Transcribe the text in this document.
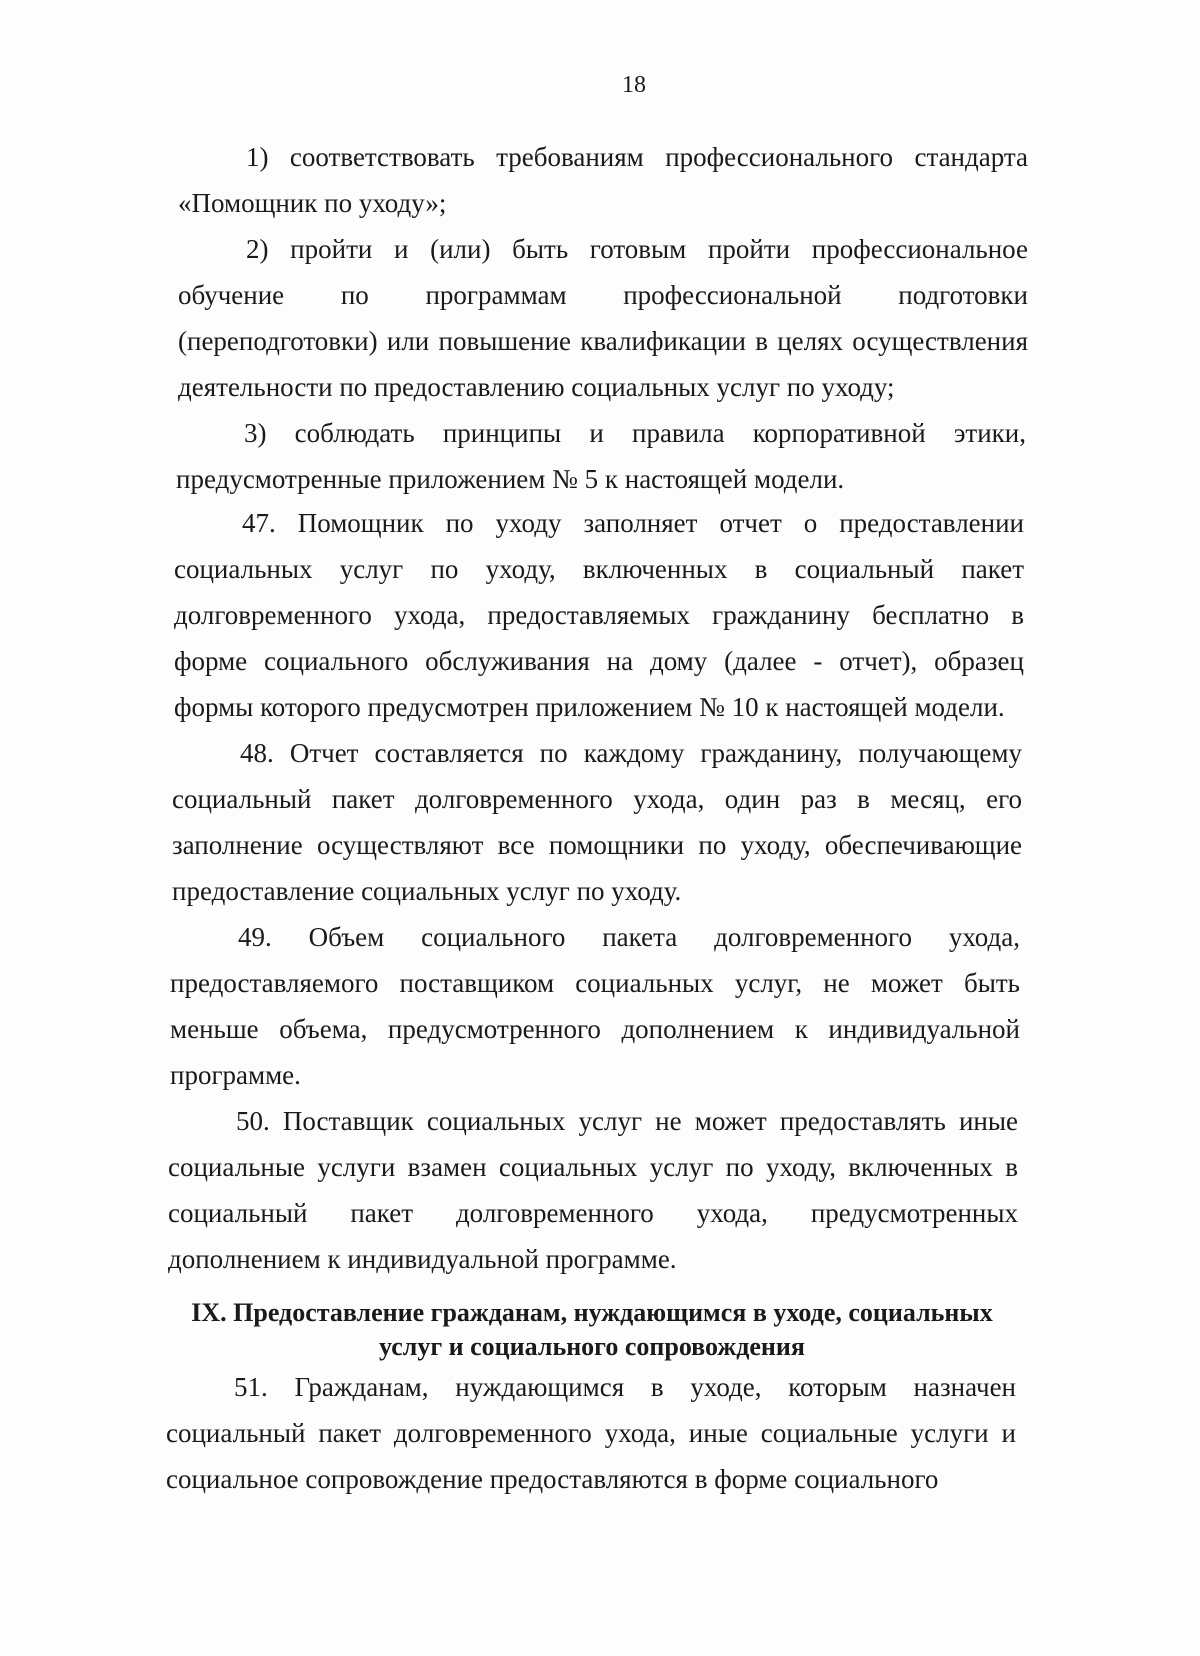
18

1) соответствовать требованиям профессионального стандарта «Помощник по уходу»;

2) пройти и (или) быть готовым пройти профессиональное обучение по программам профессиональной подготовки (переподготовки) или повышение квалификации в целях осуществления деятельности по предоставлению социальных услуг по уходу;

3) соблюдать принципы и правила корпоративной этики, предусмотренные приложением № 5 к настоящей модели.

47. Помощник по уходу заполняет отчет о предоставлении социальных услуг по уходу, включенных в социальный пакет долговременного ухода, предоставляемых гражданину бесплатно в форме социального обслуживания на дому (далее - отчет), образец формы которого предусмотрен приложением № 10 к настоящей модели.

48. Отчет составляется по каждому гражданину, получающему социальный пакет долговременного ухода, один раз в месяц, его заполнение осуществляют все помощники по уходу, обеспечивающие предоставление социальных услуг по уходу.

49. Объем социального пакета долговременного ухода, предоставляемого поставщиком социальных услуг, не может быть меньше объема, предусмотренного дополнением к индивидуальной программе.

50. Поставщик социальных услуг не может предоставлять иные социальные услуги взамен социальных услуг по уходу, включенных в социальный пакет долговременного ухода, предусмотренных дополнением к индивидуальной программе.

IX. Предоставление гражданам, нуждающимся в уходе, социальных
услуг и социального сопровождения

51. Гражданам, нуждающимся в уходе, которым назначен социальный пакет долговременного ухода, иные социальные услуги и социальное сопровождение предоставляются в форме социального
